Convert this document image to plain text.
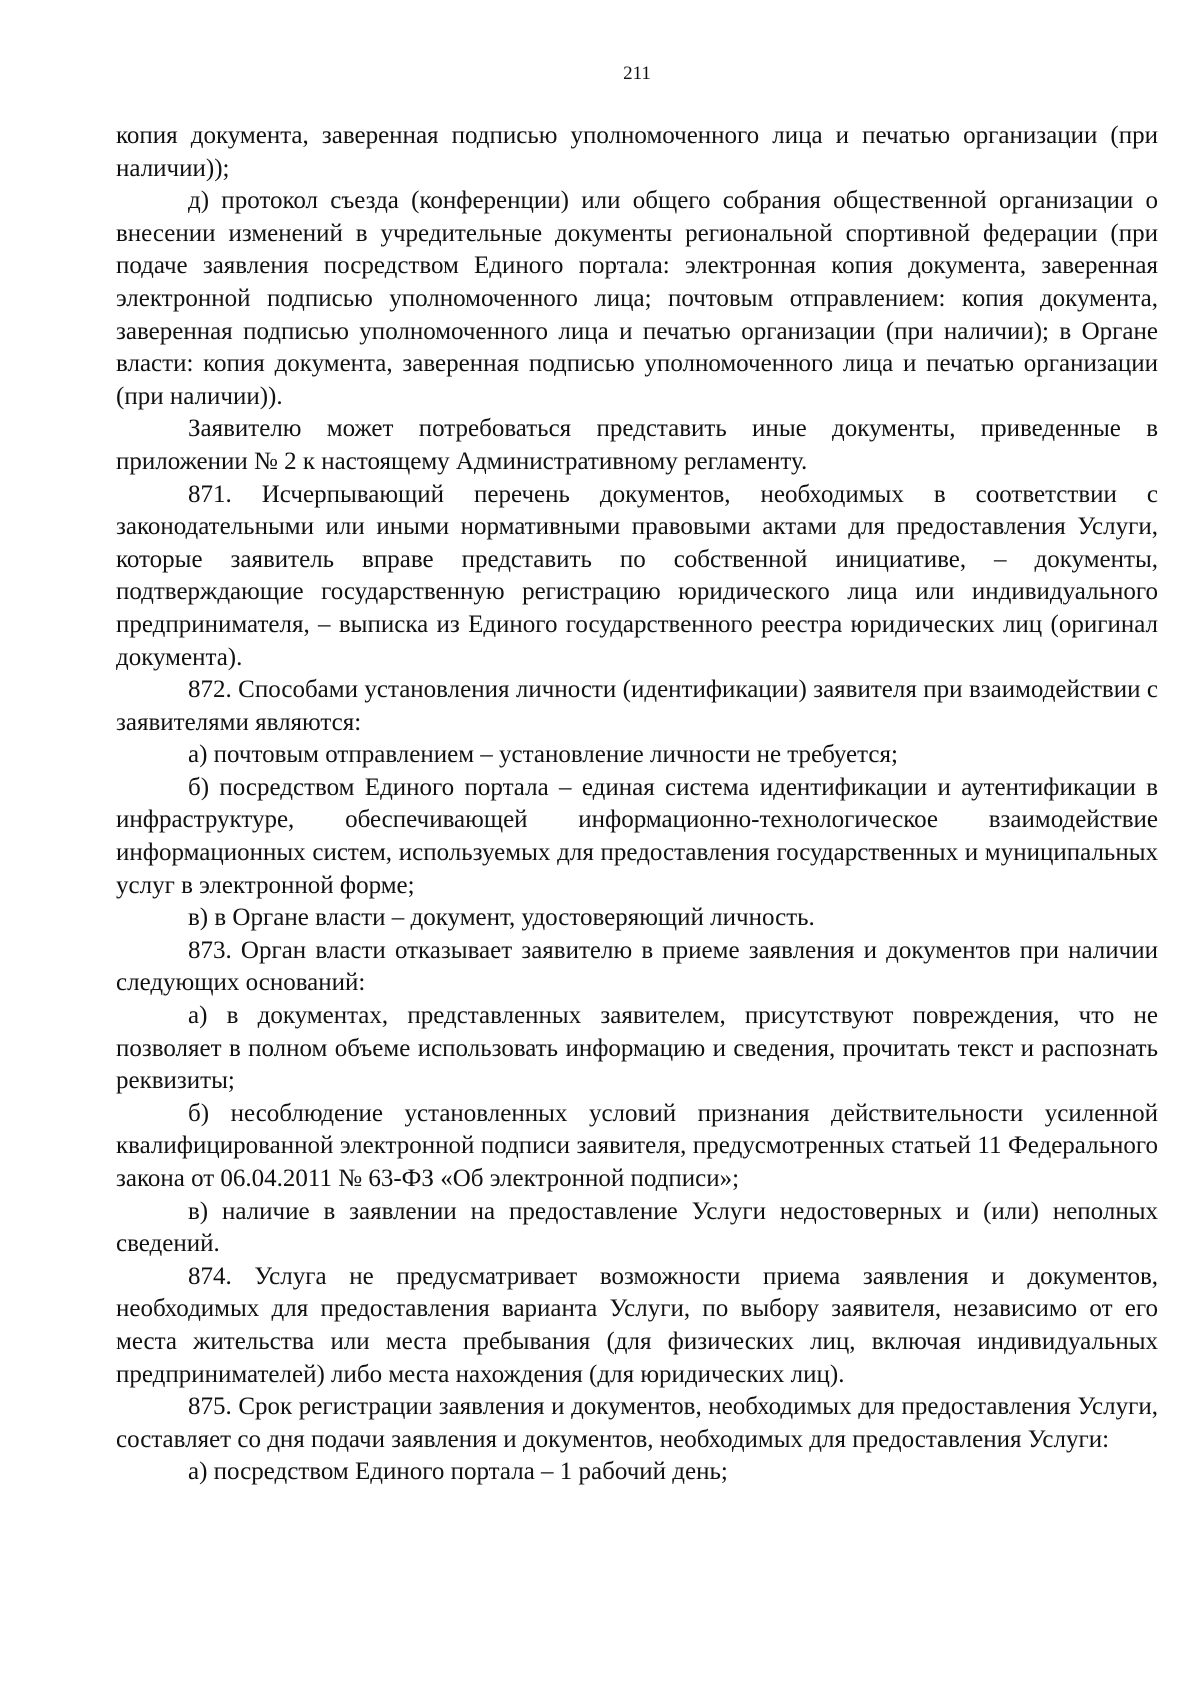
211

копия документа, заверенная подписью уполномоченного лица и печатью организации (при наличии));

д) протокол съезда (конференции) или общего собрания общественной организации о внесении изменений в учредительные документы региональной спортивной федерации (при подаче заявления посредством Единого портала: электронная копия документа, заверенная электронной подписью уполномоченного лица; почтовым отправлением: копия документа, заверенная подписью уполномоченного лица и печатью организации (при наличии); в Органе власти: копия документа, заверенная подписью уполномоченного лица и печатью организации (при наличии)).

Заявителю может потребоваться представить иные документы, приведенные в приложении № 2 к настоящему Административному регламенту.

871. Исчерпывающий перечень документов, необходимых в соответствии с законодательными или иными нормативными правовыми актами для предоставления Услуги, которые заявитель вправе представить по собственной инициативе, – документы, подтверждающие государственную регистрацию юридического лица или индивидуального предпринимателя, – выписка из Единого государственного реестра юридических лиц (оригинал документа).

872. Способами установления личности (идентификации) заявителя при взаимодействии с заявителями являются:

а) почтовым отправлением – установление личности не требуется;

б) посредством Единого портала – единая система идентификации и аутентификации в инфраструктуре, обеспечивающей информационно-технологическое взаимодействие информационных систем, используемых для предоставления государственных и муниципальных услуг в электронной форме;

в) в Органе власти – документ, удостоверяющий личность.

873. Орган власти отказывает заявителю в приеме заявления и документов при наличии следующих оснований:

а) в документах, представленных заявителем, присутствуют повреждения, что не позволяет в полном объеме использовать информацию и сведения, прочитать текст и распознать реквизиты;

б) несоблюдение установленных условий признания действительности усиленной квалифицированной электронной подписи заявителя, предусмотренных статьей 11 Федерального закона от 06.04.2011 № 63-ФЗ «Об электронной подписи»;

в) наличие в заявлении на предоставление Услуги недостоверных и (или) неполных сведений.

874. Услуга не предусматривает возможности приема заявления и документов, необходимых для предоставления варианта Услуги, по выбору заявителя, независимо от его места жительства или места пребывания (для физических лиц, включая индивидуальных предпринимателей) либо места нахождения (для юридических лиц).

875. Срок регистрации заявления и документов, необходимых для предоставления Услуги, составляет со дня подачи заявления и документов, необходимых для предоставления Услуги:

а) посредством Единого портала – 1 рабочий день;
